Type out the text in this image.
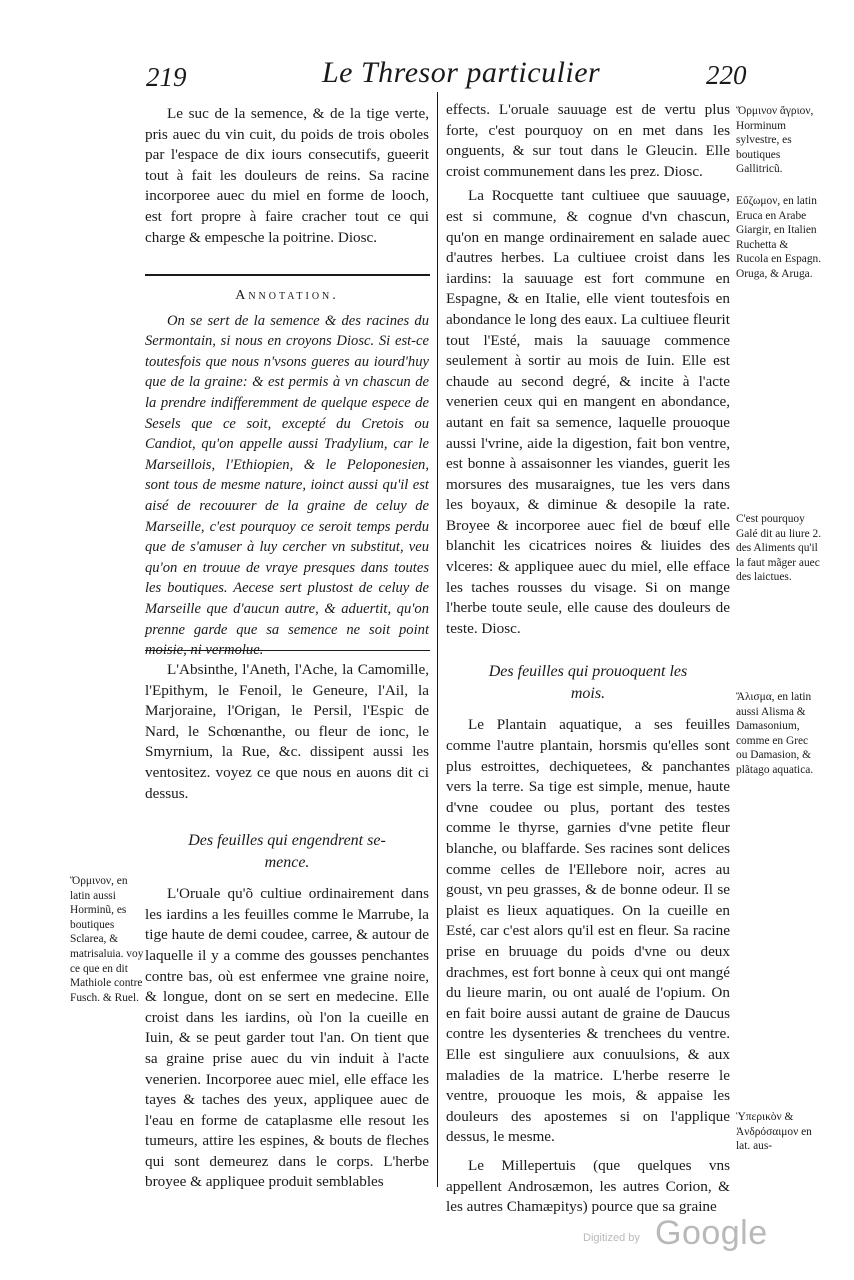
219	Le Thresor particulier	220

Le suc de la semence, & de la tige verte, pris auec du vin cuit, du poids de trois oboles par l'espace de dix iours consecutifs, gueerit tout à fait les douleurs de reins. Sa racine incorporee auec du miel en forme de looch, est fort propre à faire cracher tout ce qui charge & empesche la poitrine. Diosc.

Annotation.

On se sert de la semence & des racines du Sermontain, si nous en croyons Diosc. Si est-ce toutesfois que nous n'vsons gueres au iourd'huy que de la graine: & est permis à vn chascun de la prendre indifferemment de quelque espece de Sesels que ce soit, excepté du Cretois ou Candiot, qu'on appelle aussi Tradylium, car le Marseillois, l'Ethiopien, & le Peloponesien, sont tous de mesme nature, ioinct aussi qu'il est aisé de recouurer de la graine de celuy de Marseille, c'est pourquoy ce seroit temps perdu que de s'amuser à luy cercher vn substitut, veu qu'on en trouue de vraye presques dans toutes les boutiques. Aecese sert plustost de celuy de Marseille que d'aucun autre, & aduertit, qu'on prenne garde que sa semence ne soit point moisie, ni vermolue.

L'Absinthe, l'Aneth, l'Ache, la Camomille, l'Epithym, le Fenoil, le Geneure, l'Ail, la Marjoraine, l'Origan, le Persil, l'Espic de Nard, le Schœnanthe, ou fleur de ionc, le Smyrnium, la Rue, &c. dissipent aussi les ventositez. voyez ce que nous en auons dit ci dessus.

Des feuilles qui engendrent se-
mence.

L'Oruale qu'õ cultiue ordinairement dans les iardins a les feuilles comme le Marrube, la tige haute de demi coudee, carree, & autour de laquelle il y a comme des gousses penchantes contre bas, où est enfermee vne graine noire, & longue, dont on se sert en medecine. Elle croist dans les iardins, où l'on la cueille en Iuin, & se peut garder tout l'an. On tient que sa graine prise auec du vin induit à l'acte venerien. Incorporee auec miel, elle efface les tayes & taches des yeux, appliquee auec de l'eau en forme de cataplasme elle resout les tumeurs, attire les espines, & bouts de fleches qui sont demeurez dans le corps. L'herbe broyee & appliquee produit semblables

Ὅρμινον, en latin aussi Horminũ, es boutiques Sclarea, & matrisaluia. voy ce que en dit Mathiole contre Fusch. & Ruel.

effects. L'oruale sauuage est de vertu plus forte, c'est pourquoy on en met dans les onguents, & sur tout dans le Gleucin. Elle croist communement dans les prez. Diosc.

La Rocquette tant cultiuee que sauuage, est si commune, & cognue d'vn chascun, qu'on en mange ordinairement en salade auec d'autres herbes. La cultiuee croist dans les iardins: la sauuage est fort commune en Espagne, & en Italie, elle vient toutesfois en abondance le long des eaux. La cultiuee fleurit tout l'Esté, mais la sauuage commence seulement à sortir au mois de Iuin. Elle est chaude au second degré, & incite à l'acte venerien ceux qui en mangent en abondance, autant en fait sa semence, laquelle prouoque aussi l'vrine, aide la digestion, fait bon ventre, est bonne à assaisonner les viandes, guerit les morsures des musaraignes, tue les vers dans les boyaux, & diminue & desopile la rate. Broyee & incorporee auec fiel de bœuf elle blanchit les cicatrices noires & liuides des vlceres: & appliquee auec du miel, elle efface les taches rousses du visage. Si on mange l'herbe toute seule, elle cause des douleurs de teste. Diosc.

Des feuilles qui prouoquent les
mois.

Le Plantain aquatique, a ses feuilles comme l'autre plantain, horsmis qu'elles sont plus estroittes, dechiquetees, & panchantes vers la terre. Sa tige est simple, menue, haute d'vne coudee ou plus, portant des testes comme le thyrse, garnies d'vne petite fleur blanche, ou blaffarde. Ses racines sont delices comme celles de l'Ellebore noir, acres au goust, vn peu grasses, & de bonne odeur. Il se plaist es lieux aquatiques. On la cueille en Esté, car c'est alors qu'il est en fleur. Sa racine prise en bruuage du poids d'vne ou deux drachmes, est fort bonne à ceux qui ont mangé du lieure marin, ou ont aualé de l'opium. On en fait boire aussi autant de graine de Daucus contre les dysenteries & trenchees du ventre. Elle est singuliere aux conuulsions, & aux maladies de la matrice. L'herbe reserre le ventre, prouoque les mois, & appaise les douleurs des apostemes si on l'applique dessus, le mesme.

Le Millepertuis (que quelques vns appellent Androsæmon, les autres Corion, & les autres Chamæpitys) pource que sa graine

Ὅρμινον ἄγριον, Horminum sylvestre, es boutiques Gallitricũ.
Εὔζωμον, en latin Eruca en Arabe Giargir, en Italien Ruchetta & Rucola en Espagn. Oruga, & Aruga.
C'est pourquoy Galé dit au liure 2. des Aliments qu'il la faut mãger auec des laictues.
Ἄλισμα, en latin aussi Alisma & Damasonium, comme en Grec ou Damasion, & plãtago aquatica.
Ὑπερικὸν & Ἀνδρόσαιμον en lat. aus-
Digitized by Google
